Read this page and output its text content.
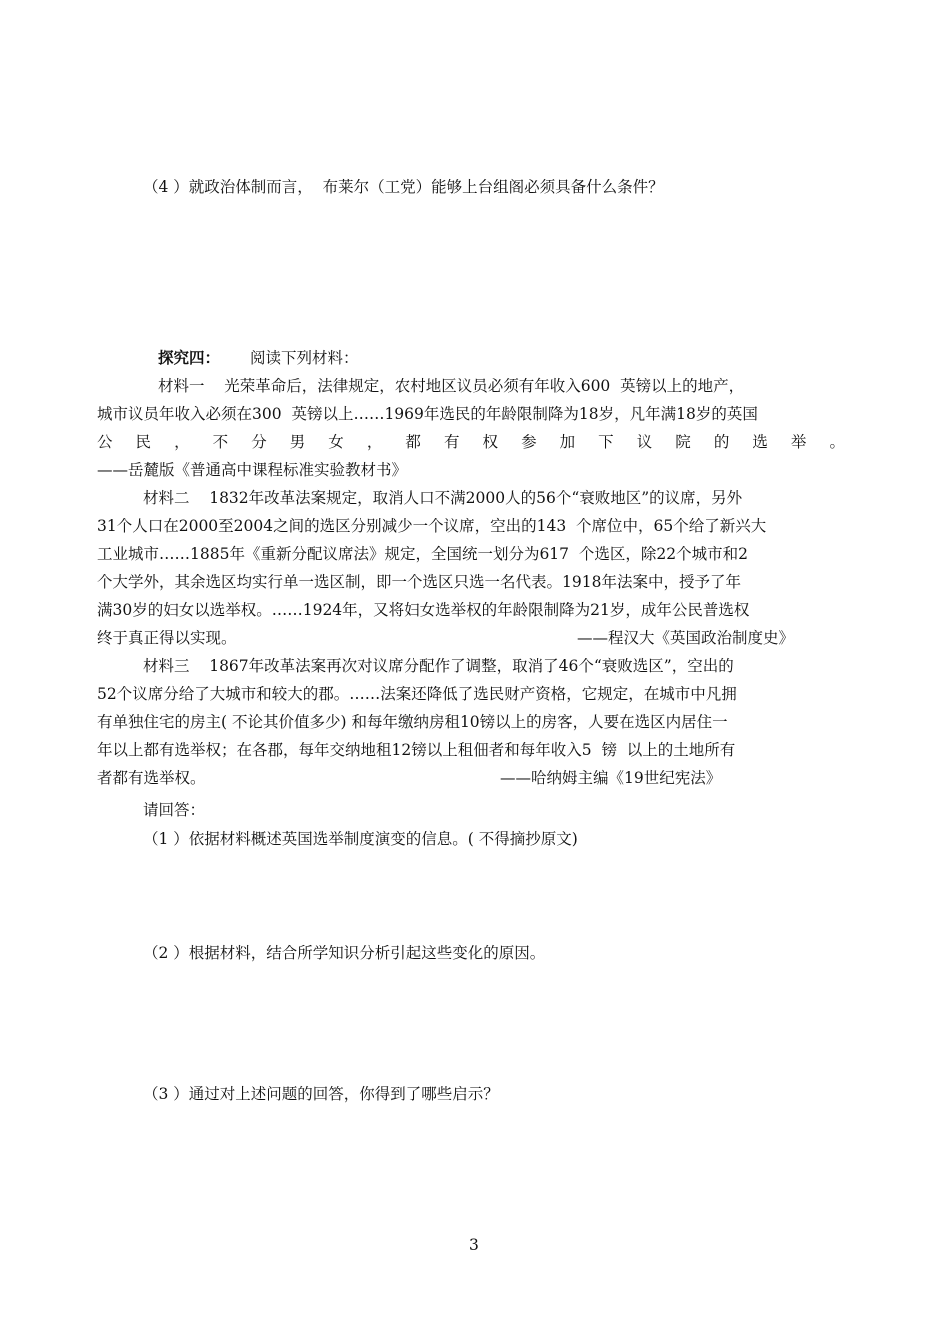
（4 ）就政治体制而言，  布莱尔（工党）能够上台组阁必须具备什么条件？
探究四： 阅读下列材料：
材料一    光荣革命后，法律规定，农村地区议员必须有年收入600  英镑以上的地产，
城市议员年收入必须在300  英镑以上……1969年选民的年龄限制降为18岁，凡年满18岁的英国
公 民 ， 不 分 男 女 ， 都 有 权 参 加 下 议 院 的 选 举 。
——岳麓版《普通高中课程标准实验教材书》
材料二    1832年改革法案规定，取消人口不满2000人的56个“衰败地区”的议席，另外
31个人口在2000至2004之间的选区分别减少一个议席，空出的143  个席位中，65个给了新兴大
工业城市……1885年《重新分配议席法》规定，全国统一划分为617  个选区，除22个城市和2
个大学外，其余选区均实行单一选区制，即一个选区只选一名代表。1918年法案中，授予了年
满30岁的妇女以选举权。……1924年，又将妇女选举权的年龄限制降为21岁，成年公民普选权
终于真正得以实现。	——程汉大《英国政治制度史》
材料三    1867年改革法案再次对议席分配作了调整，取消了46个“衰败选区”，空出的
52个议席分给了大城市和较大的郡。……法案还降低了选民财产资格，它规定，在城市中凡拥
有单独住宅的房主( 不论其价值多少) 和每年缴纳房租10镑以上的房客，人要在选区内居住一
年以上都有选举权；在各郡，每年交纳地租12镑以上租佃者和每年收入5  镑  以上的土地所有
者都有选举权。	——哈纳姆主编《19世纪宪法》
请回答：
（1 ）依据材料概述英国选举制度演变的信息。( 不得摘抄原文)
（2 ）根据材料，结合所学知识分析引起这些变化的原因。
（3 ）通过对上述问题的回答，你得到了哪些启示？
3
